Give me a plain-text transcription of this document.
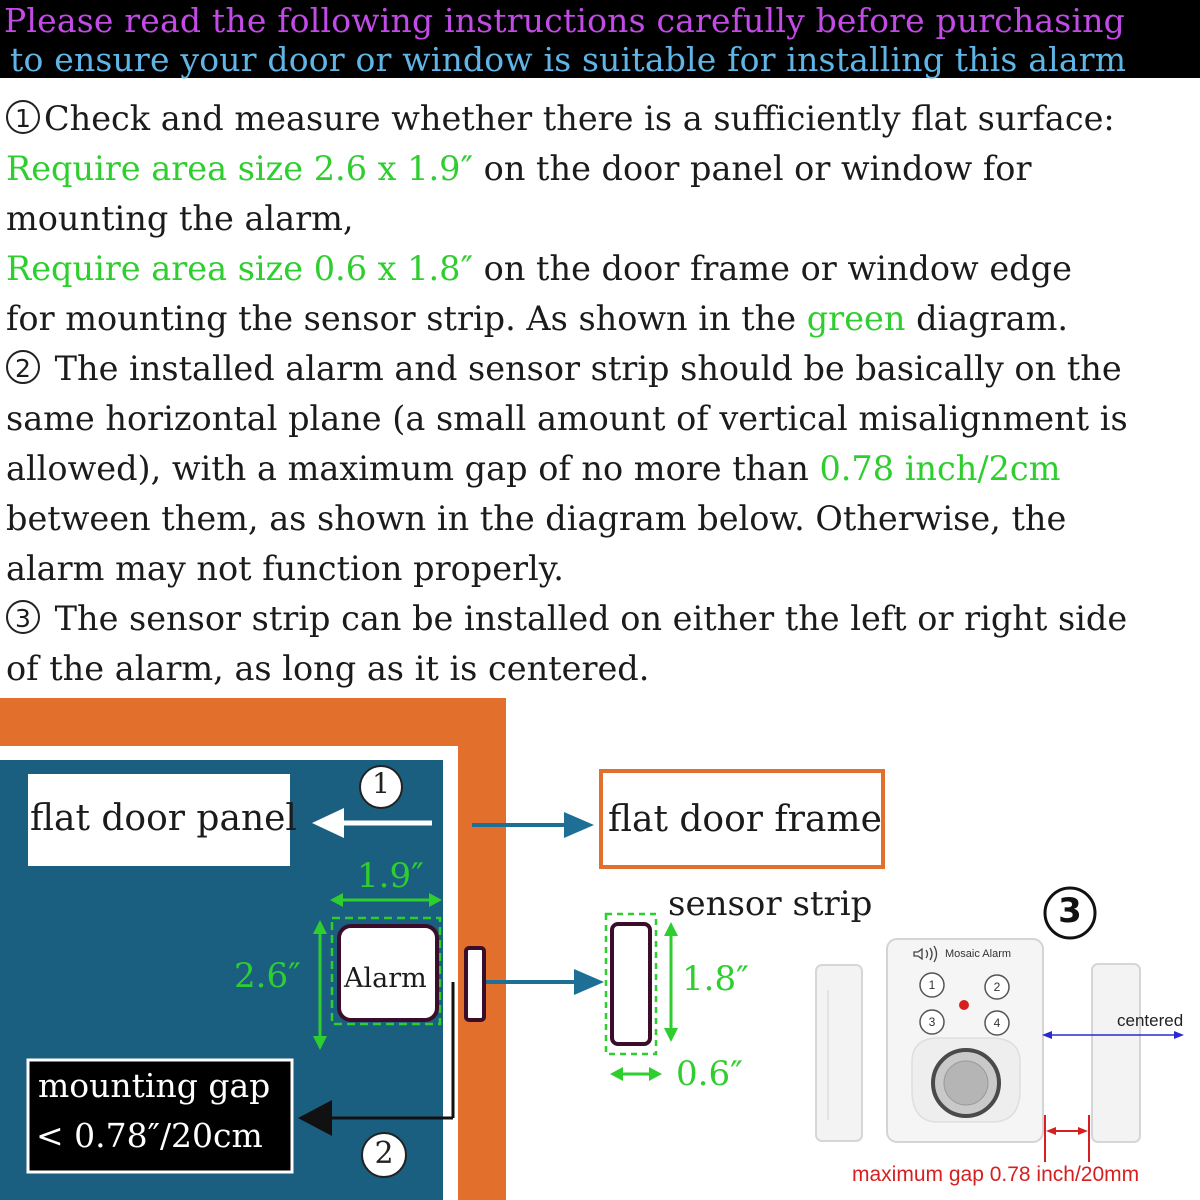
Please read the following instructions carefully before purchasing
to ensure your door or window is suitable for installing this alarm
1 Check and measure whether there is a sufficiently flat surface:
Require area size 2.6 x 1.9″ on the door panel or window for
mounting the alarm,
Require area size 0.6 x 1.8″ on the door frame or window edge
for mounting the sensor strip. As shown in the green diagram.
2 The installed alarm and sensor strip should be basically on the
same horizontal plane (a small amount of vertical misalignment is
allowed), with a maximum gap of no more than 0.78 inch/2cm
between them, as shown in the diagram below. Otherwise, the
alarm may not function properly.
3 The sensor strip can be installed on either the left or right side
of the alarm, as long as it is centered.
flat door panel
1
1.9″
2.6″ Alarm
mounting gap
< 0.78″/20cm	2
flat door frame
sensor strip
1.8″
0.6″
3
Mosaic Alarm
1	2
3	4	centered
maximum gap 0.78 inch/20mm
